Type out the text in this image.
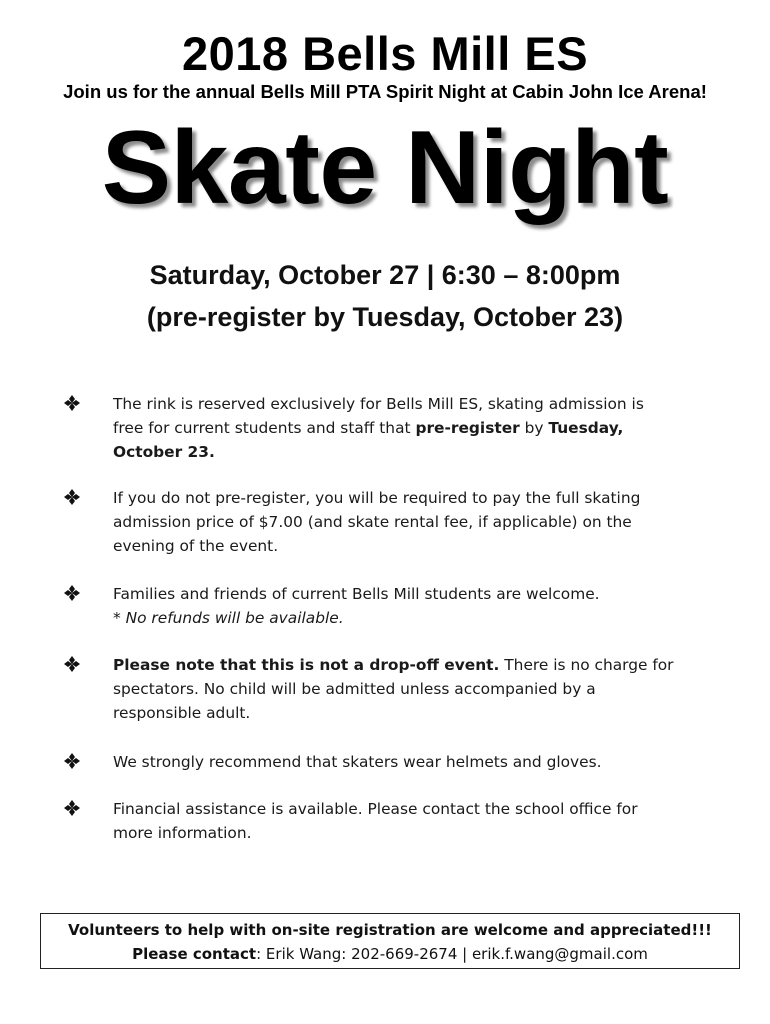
2018 Bells Mill ES
Join us for the annual Bells Mill PTA Spirit Night at Cabin John Ice Arena!
Skate Night
Saturday, October 27 | 6:30 – 8:00pm
(pre-register by Tuesday, October 23)
The rink is reserved exclusively for Bells Mill ES, skating admission is
free for current students and staff that pre-register by Tuesday,
October 23.
If you do not pre-register, you will be required to pay the full skating
admission price of $7.00 (and skate rental fee, if applicable) on the
evening of the event.
Families and friends of current Bells Mill students are welcome.
* No refunds will be available.
Please note that this is not a drop-off event. There is no charge for
spectators. No child will be admitted unless accompanied by a
responsible adult.
We strongly recommend that skaters wear helmets and gloves.
Financial assistance is available. Please contact the school office for
more information.
Volunteers to help with on-site registration are welcome and appreciated!!!
Please contact: Erik Wang: 202-669-2674 | erik.f.wang@gmail.com
